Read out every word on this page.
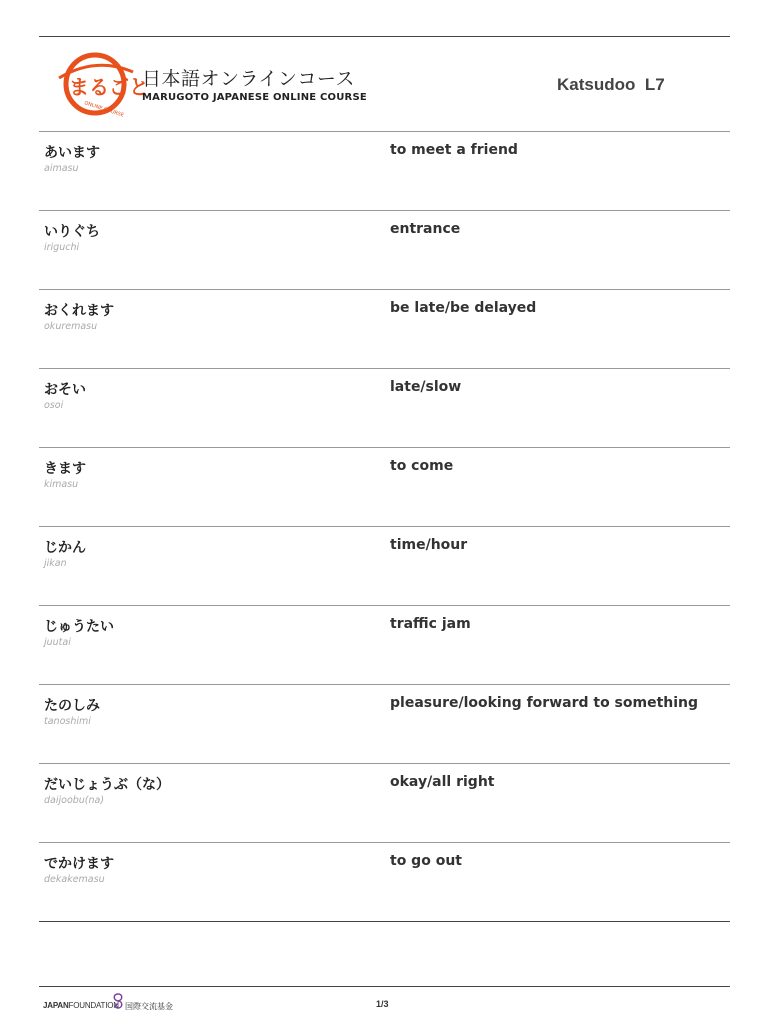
まるごと
ONLINE COURSE
日本語オンラインコース
MARUGOTO JAPANESE ONLINE COURSE
Katsudoo  L7
あいます
aimasu
to meet a friend
いりぐち
iriguchi
entrance
おくれます
okuremasu
be late/be delayed
おそい
osoi
late/slow
きます
kimasu
to come
じかん
jikan
time/hour
じゅうたい
juutai
traffic jam
たのしみ
tanoshimi
pleasure/looking forward to something
だいじょうぶ（な）
daijoobu(na)
okay/all right
でかけます
dekakemasu
to go out
JAPANFOUNDATION 国際交流基金	1/3
